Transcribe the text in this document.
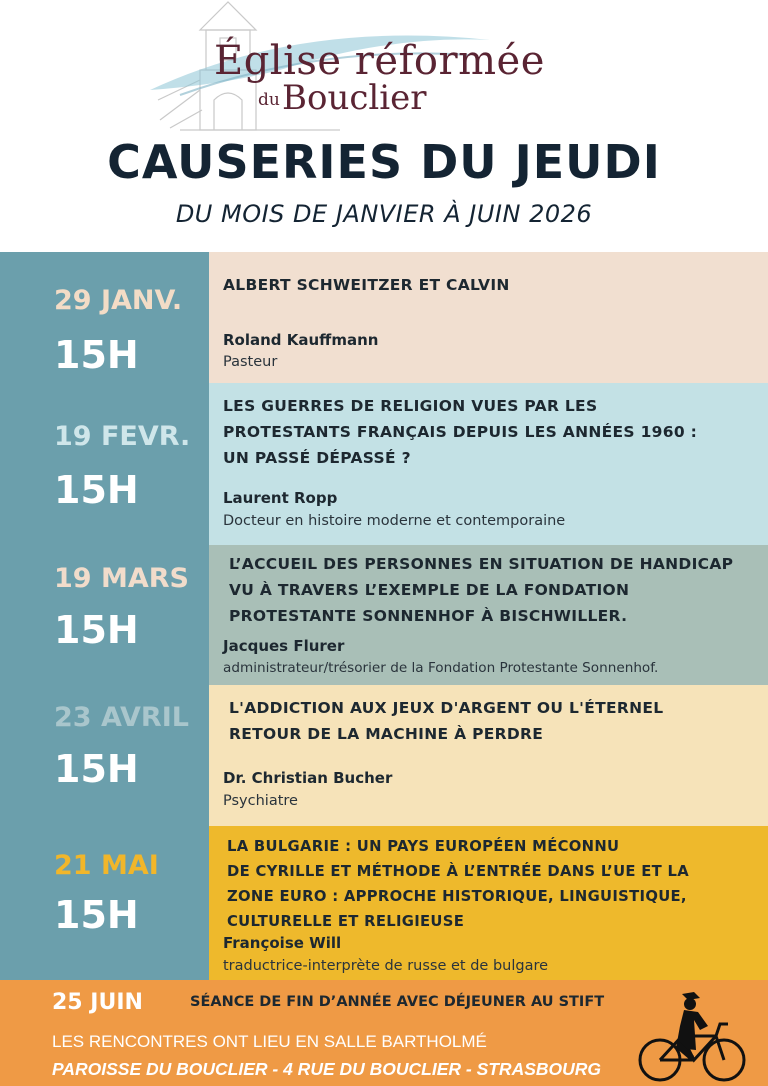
Église réformée
du Bouclier
CAUSERIES DU JEUDI
DU MOIS DE JANVIER À JUIN 2026
29 JANV.
15H
ALBERT SCHWEITZER ET CALVIN
Roland Kauffmann
Pasteur
19 FEVR.
15H
LES GUERRES DE RELIGION VUES PAR LES
PROTESTANTS FRANÇAIS DEPUIS LES ANNÉES 1960 :
UN PASSÉ DÉPASSÉ ?
Laurent Ropp
Docteur en histoire moderne et contemporaine
19 MARS
15H
L’ACCUEIL DES PERSONNES EN SITUATION DE HANDICAP
VU À TRAVERS L’EXEMPLE DE LA FONDATION
PROTESTANTE SONNENHOF À BISCHWILLER.
Jacques Flurer
administrateur/trésorier de la Fondation Protestante Sonnenhof.
23 AVRIL
15H
L'ADDICTION AUX JEUX D'ARGENT OU L'ÉTERNEL
RETOUR DE LA MACHINE À PERDRE
Dr. Christian Bucher
Psychiatre
21 MAI
15H
LA BULGARIE : UN PAYS EUROPÉEN MÉCONNU
DE CYRILLE ET MÉTHODE À L’ENTRÉE DANS L’UE ET LA
ZONE EURO : APPROCHE HISTORIQUE, LINGUISTIQUE,
CULTURELLE ET RELIGIEUSE
Françoise Will
traductrice-interprète de russe et de bulgare
25 JUIN	SÉANCE DE FIN D’ANNÉE AVEC DÉJEUNER AU STIFT
LES RENCONTRES ONT LIEU EN SALLE BARTHOLMÉ
PAROISSE DU BOUCLIER - 4 RUE DU BOUCLIER - STRASBOURG
